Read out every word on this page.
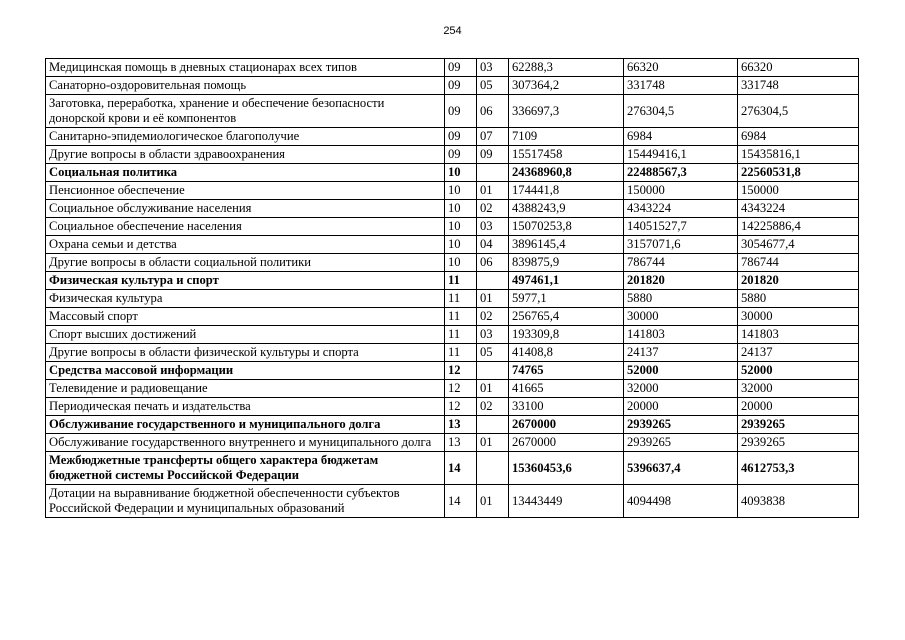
254
Медицинская помощь в дневных стационарах всех типов	09	03	62288,3	66320	66320
Санаторно-оздоровительная помощь	09	05	307364,2	331748	331748
Заготовка, переработка, хранение и обеспечение безопасности донорской крови и её компонентов	09	06	336697,3	276304,5	276304,5
Санитарно-эпидемиологическое благополучие	09	07	7109	6984	6984
Другие вопросы в области здравоохранения	09	09	15517458	15449416,1	15435816,1
Социальная политика	10		24368960,8	22488567,3	22560531,8
Пенсионное обеспечение	10	01	174441,8	150000	150000
Социальное обслуживание населения	10	02	4388243,9	4343224	4343224
Социальное обеспечение населения	10	03	15070253,8	14051527,7	14225886,4
Охрана семьи и детства	10	04	3896145,4	3157071,6	3054677,4
Другие вопросы в области социальной политики	10	06	839875,9	786744	786744
Физическая культура и спорт	11		497461,1	201820	201820
Физическая культура	11	01	5977,1	5880	5880
Массовый спорт	11	02	256765,4	30000	30000
Спорт высших достижений	11	03	193309,8	141803	141803
Другие вопросы в области физической культуры и спорта	11	05	41408,8	24137	24137
Средства массовой информации	12		74765	52000	52000
Телевидение и радиовещание	12	01	41665	32000	32000
Периодическая печать и издательства	12	02	33100	20000	20000
Обслуживание государственного и муниципального долга	13		2670000	2939265	2939265
Обслуживание государственного внутреннего и муниципального долга	13	01	2670000	2939265	2939265
Межбюджетные трансферты общего характера бюджетам бюджетной системы Российской Федерации	14		15360453,6	5396637,4	4612753,3
Дотации на выравнивание бюджетной обеспеченности субъектов Российской Федерации и муниципальных образований	14	01	13443449	4094498	4093838
